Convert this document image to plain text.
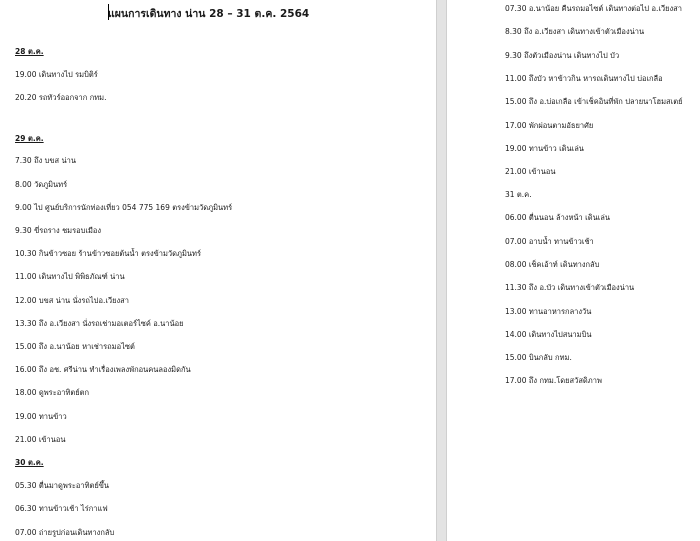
แผนการเดินทาง น่าน 28 – 31 ต.ค. 2564
28 ต.ค.
19.00 เดินทางไป รมบิติร์
20.20 รถทัวร์ออกจาก กทม.
29 ต.ค.
7.30 ถึง บขส น่าน
8.00 วัดภูมินทร์
9.00 ไป ศูนย์บริการนักท่องเที่ยว 054 775 169 ตรงข้ามวัดภูมินทร์
9.30 ขี่รถราง ชมรอบเมือง
10.30 กินข้าวซอย ร้านข้าวซอยต้นน้ำ ตรงข้ามวัดภูมินทร์
11.00 เดินทางไป พิพิธภัณฑ์ น่าน
12.00 บขส น่าน นั่งรถไปอ.เวียงสา
13.30 ถึง อ.เวียงสา นั่งรถเช่ามอเตอร์ไซค์ อ.นาน้อย
15.00 ถึง อ.นาน้อย หาเช่ารถมอไซต์
16.00 ถึง อช. ศรีน่าน ทำเรื่องเพลงพักอนคนลองมิดกัน
18.00 ดูพระอาทิตย์ตก
19.00 ทานข้าว
21.00 เข้านอน
30 ต.ค.
05.30 ตื่นมาดูพระอาทิตย์ขึ้น
06.30 ทานข้าวเช้า ไร่กาแฟ
07.00 ถ่ายรูปก่อนเดินทางกลับ
07.30 อ.นาน้อย คืนรถมอไซต์ เดินทางต่อไป อ.เวียงสา
8.30 ถึง อ.เวียงสา เดินทางเข้าตัวเมืองน่าน
9.30 ถึงตัวเมืองน่าน เดินทางไป บัว
11.00 ถึงบัว หาข้าวกิน หารถเดินทางไป บ่อเกลือ
15.00 ถึง อ.บ่อเกลือ เข้าเช็คอินที่พัก ปลายนาโฮมสเตย์
17.00 พักผ่อนตามอัธยาศัย
19.00 ทานข้าว เดินเล่น
21.00 เข้านอน
31 ต.ค.
06.00 ตื่นนอน ล้างหน้า เดินเล่น
07.00 อาบน้ำ ทานข้าวเช้า
08.00 เช็คเอ้าท์ เดินทางกลับ
11.30 ถึง อ.บัว เดินทางเข้าตัวเมืองน่าน
13.00 ทานอาหารกลางวัน
14.00 เดินทางไปสนามบิน
15.00 บินกลับ กทม.
17.00 ถึง กทม.โดยสวัสดิภาพ
